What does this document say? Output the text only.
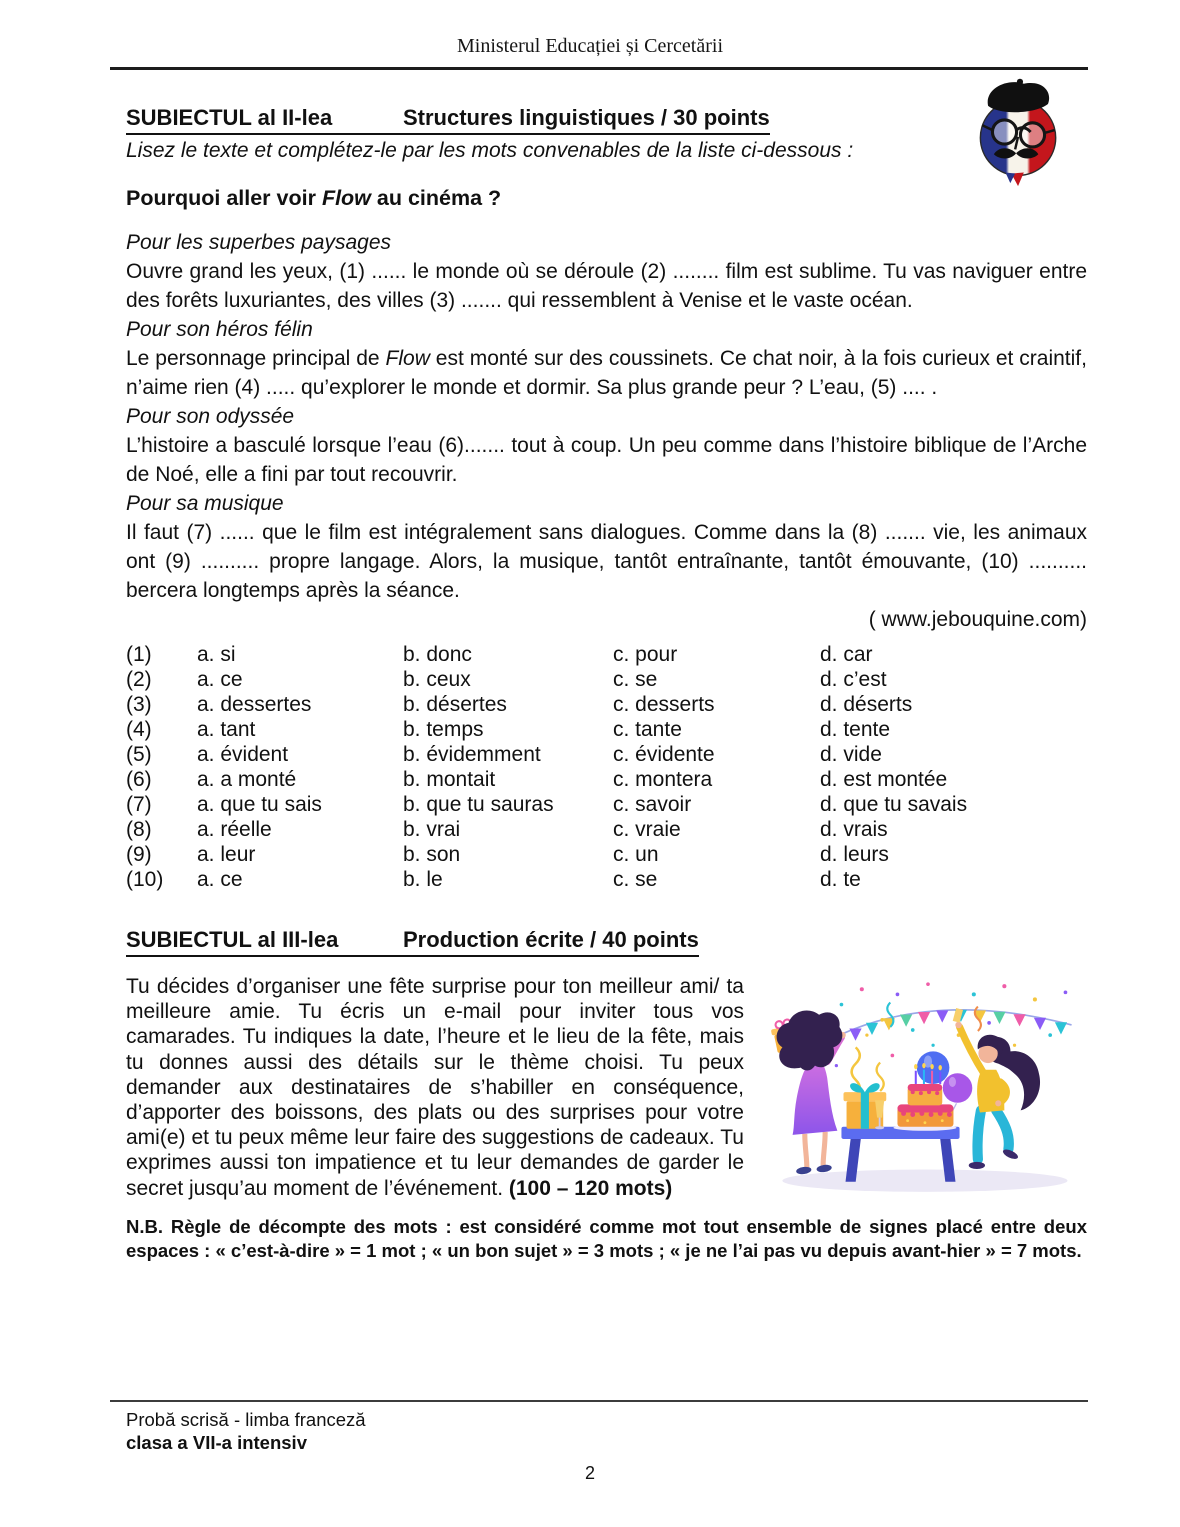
Ministerul Educației și Cercetării
SUBIECTUL al II-lea	Structures linguistiques / 30 points
Lisez le texte et complétez-le par les mots convenables de la liste ci-dessous :
Pourquoi aller voir Flow au cinéma ?
Pour les superbes paysages

Ouvre grand les yeux, (1) ...... le monde où se déroule (2) ........ film est sublime. Tu vas naviguer entre des forêts luxuriantes, des villes (3) ....... qui ressemblent à Venise et le vaste océan.

Pour son héros félin

Le personnage principal de Flow est monté sur des coussinets. Ce chat noir, à la fois curieux et craintif, n’aime rien (4) ..... qu’explorer le monde et dormir. Sa plus grande peur ? L’eau, (5) .... .

Pour son odyssée

L’histoire a basculé lorsque l’eau (6)....... tout à coup. Un peu comme dans l’histoire biblique de l’Arche de Noé, elle a fini par tout recouvrir.

Pour sa musique

Il faut (7) ...... que le film est intégralement sans dialogues. Comme dans la (8) ....... vie, les animaux ont (9) .......... propre langage. Alors, la musique, tantôt entraînante, tantôt émouvante, (10) .......... bercera longtemps après la séance.

( www.jebouquine.com)
(1)	a. si	b. donc	c. pour	d. car
(2)	a. ce	b. ceux	c. se	d. c’est
(3)	a. dessertes	b. désertes	c. desserts	d. déserts
(4)	a. tant	b. temps	c. tante	d. tente
(5)	a. évident	b. évidemment	c. évidente	d. vide
(6)	a. a monté	b. montait	c. montera	d. est montée
(7)	a. que tu sais	b. que tu sauras	c. savoir	d. que tu savais
(8)	a. réelle	b. vrai	c. vraie	d. vrais
(9)	a. leur	b. son	c. un	d. leurs
(10)	a. ce	b. le	c. se	d. te
SUBIECTUL al III-lea	Production écrite / 40 points

Tu décides d’organiser une fête surprise pour ton meilleur ami/ ta meilleure amie. Tu écris un e-mail pour inviter tous vos camarades. Tu indiques la date, l’heure et le lieu de la fête, mais tu donnes aussi des détails sur le thème choisi. Tu peux demander aux destinataires de s’habiller en conséquence, d’apporter des boissons, des plats ou des surprises pour votre ami(e) et tu peux même leur faire des suggestions de cadeaux. Tu exprimes aussi ton impatience et tu leur demandes de garder le secret jusqu’au moment de l’événement. (100 – 120 mots)

N.B. Règle de décompte des mots : est considéré comme mot tout ensemble de signes placé entre deux espaces : « c’est-à-dire » = 1 mot ; « un bon sujet » = 3 mots ; « je ne l’ai pas vu depuis avant-hier » = 7 mots.

Probă scrisă - limba franceză
clasa a VII-a intensiv
2
